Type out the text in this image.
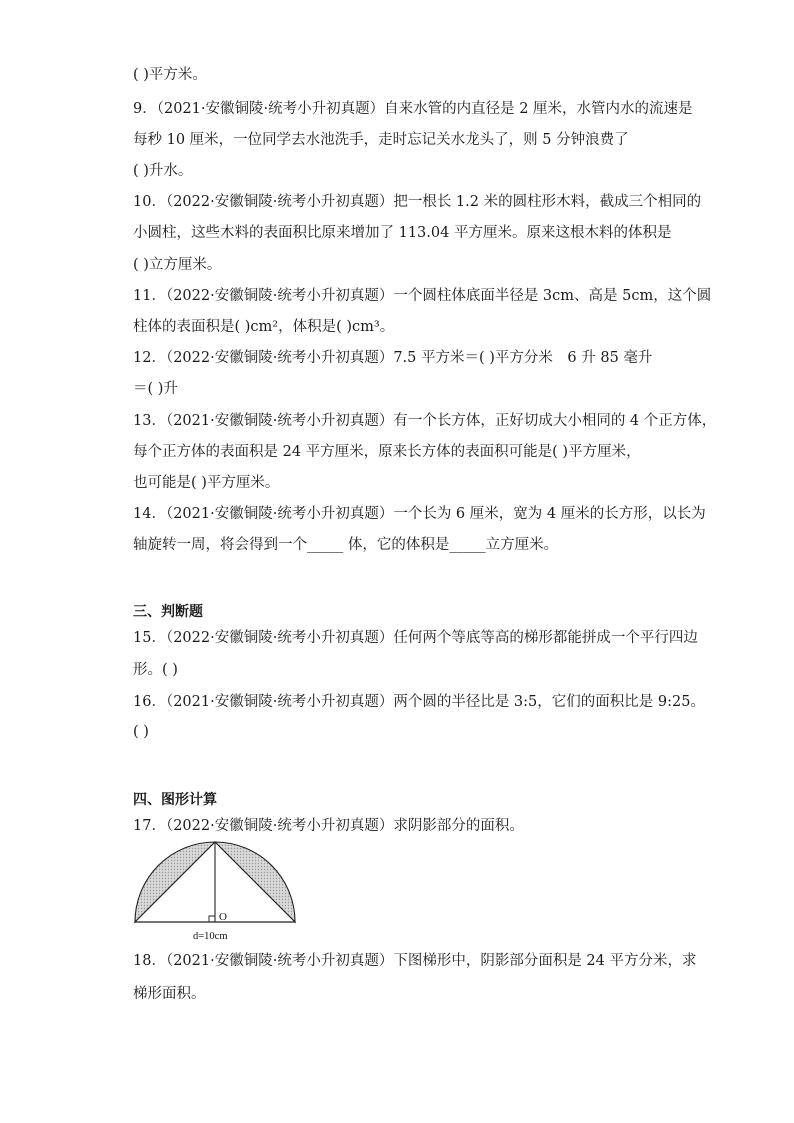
( )平方米。
9．（2021·安徽铜陵·统考小升初真题）自来水管的内直径是 2 厘米，水管内水的流速是
每秒 10 厘米，一位同学去水池洗手，走时忘记关水龙头了，则 5 分钟浪费了
( )升水。
10．（2022·安徽铜陵·统考小升初真题）把一根长 1.2 米的圆柱形木料，截成三个相同的
小圆柱，这些木料的表面积比原来增加了 113.04 平方厘米。原来这根木料的体积是
( )立方厘米。
11．（2022·安徽铜陵·统考小升初真题）一个圆柱体底面半径是 3cm、高是 5cm，这个圆
柱体的表面积是( )cm²，体积是( )cm³。
12．（2022·安徽铜陵·统考小升初真题）7.5 平方米＝( )平方分米　6 升 85 毫升
＝( )升
13．（2021·安徽铜陵·统考小升初真题）有一个长方体，正好切成大小相同的 4 个正方体，
每个正方体的表面积是 24 平方厘米，原来长方体的表面积可能是( )平方厘米，
也可能是( )平方厘米。
14．（2021·安徽铜陵·统考小升初真题）一个长为 6 厘米，宽为 4 厘米的长方形，以长为
轴旋转一周，将会得到一个_____ 体，它的体积是_____立方厘米。
三、判断题
15．（2022·安徽铜陵·统考小升初真题）任何两个等底等高的梯形都能拼成一个平行四边
形。( )
16．（2021·安徽铜陵·统考小升初真题）两个圆的半径比是 3:5，它们的面积比是 9:25。
( )
四、图形计算
17．（2022·安徽铜陵·统考小升初真题）求阴影部分的面积。
O
d=10cm
18．（2021·安徽铜陵·统考小升初真题）下图梯形中，阴影部分面积是 24 平方分米，求
梯形面积。
